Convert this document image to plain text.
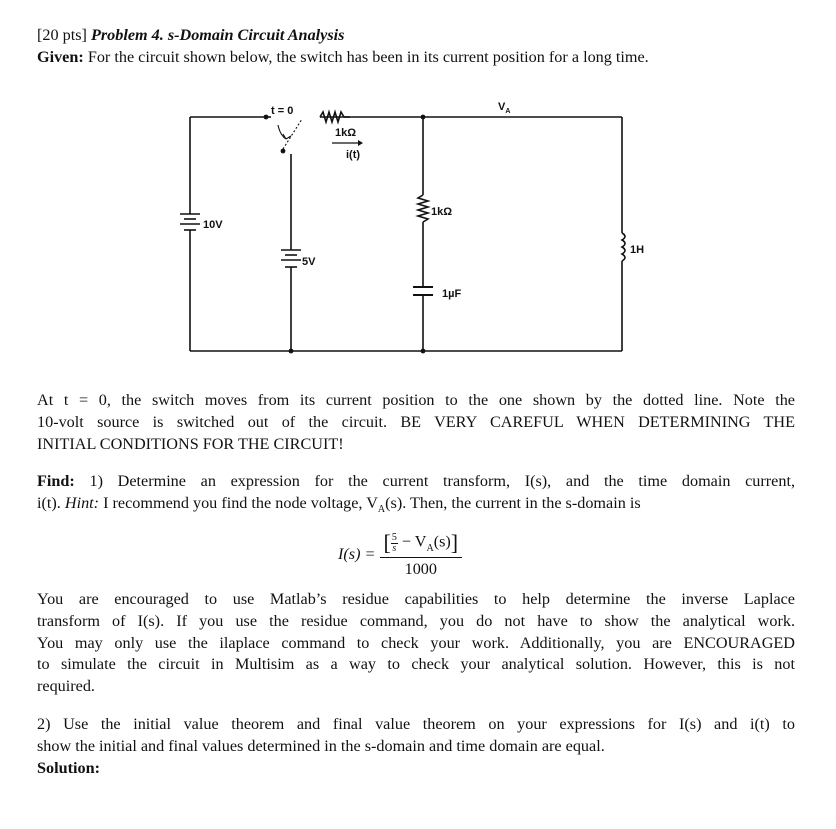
[20 pts] Problem 4. s-Domain Circuit Analysis
Given: For the circuit shown below, the switch has been in its current position for a long time.
t = 0
1kΩ
i(t)
$V_A$
10V
5V
1kΩ
1µF
1H
At t = 0, the switch moves from its current position to the one shown by the dotted line. Note the
10-volt source is switched out of the circuit. BE VERY CAREFUL WHEN DETERMINING THE
INITIAL CONDITIONS FOR THE CIRCUIT!
Find: 1) Determine an expression for the current transform, I(s), and the time domain current,
i(t). Hint: I recommend you find the node voltage, $V_A(s)$. Then, the current in the s-domain is
$I(s) = \frac{[ \frac{5}{s} - V_A(s)]}{1000}$
You are encouraged to use Matlab’s residue capabilities to help determine the inverse Laplace
transform of I(s). If you use the residue command, you do not have to show the analytical work.
You may only use the ilaplace command to check your work. Additionally, you are ENCOURAGED
to simulate the circuit in Multisim as a way to check your analytical solution. However, this is not
required.
2) Use the initial value theorem and final value theorem on your expressions for I(s) and i(t) to
show the initial and final values determined in the s-domain and time domain are equal.
Solution:
